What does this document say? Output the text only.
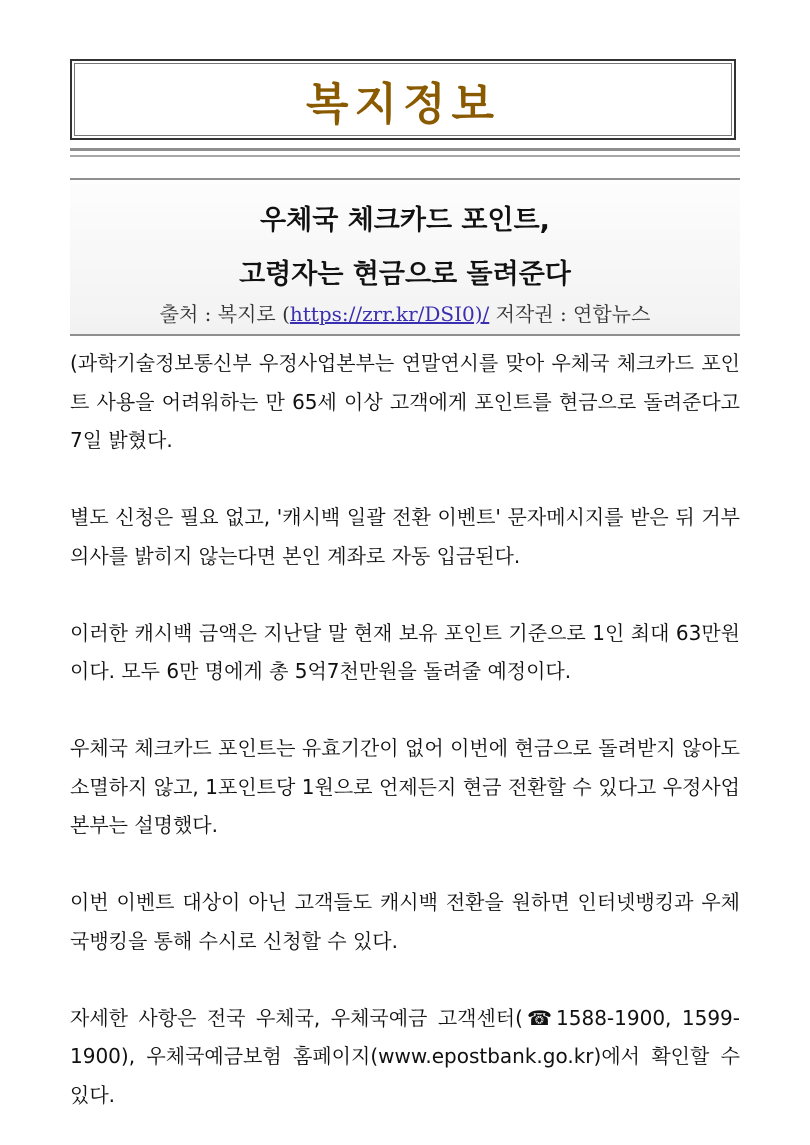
복지정보
우체국 체크카드 포인트,
고령자는 현금으로 돌려준다
출처 : 복지로 (https://zrr.kr/DSI0)/ 저작권 : 연합뉴스

(과학기술정보통신부 우정사업본부는 연말연시를 맞아 우체국 체크카드 포인트 사용을 어려워하는 만 65세 이상 고객에게 포인트를 현금으로 돌려준다고 7일 밝혔다.

별도 신청은 필요 없고, '캐시백 일괄 전환 이벤트' 문자메시지를 받은 뒤 거부 의사를 밝히지 않는다면 본인 계좌로 자동 입금된다.

이러한 캐시백 금액은 지난달 말 현재 보유 포인트 기준으로 1인 최대 63만원이다. 모두 6만 명에게 총 5억7천만원을 돌려줄 예정이다.

우체국 체크카드 포인트는 유효기간이 없어 이번에 현금으로 돌려받지 않아도 소멸하지 않고, 1포인트당 1원으로 언제든지 현금 전환할 수 있다고 우정사업본부는 설명했다.

이번 이벤트 대상이 아닌 고객들도 캐시백 전환을 원하면 인터넷뱅킹과 우체국뱅킹을 통해 수시로 신청할 수 있다.

자세한 사항은 전국 우체국, 우체국예금 고객센터(☎1588-1900, 1599-1900), 우체국예금보험 홈페이지(www.epostbank.go.kr)에서 확인할 수 있다.
